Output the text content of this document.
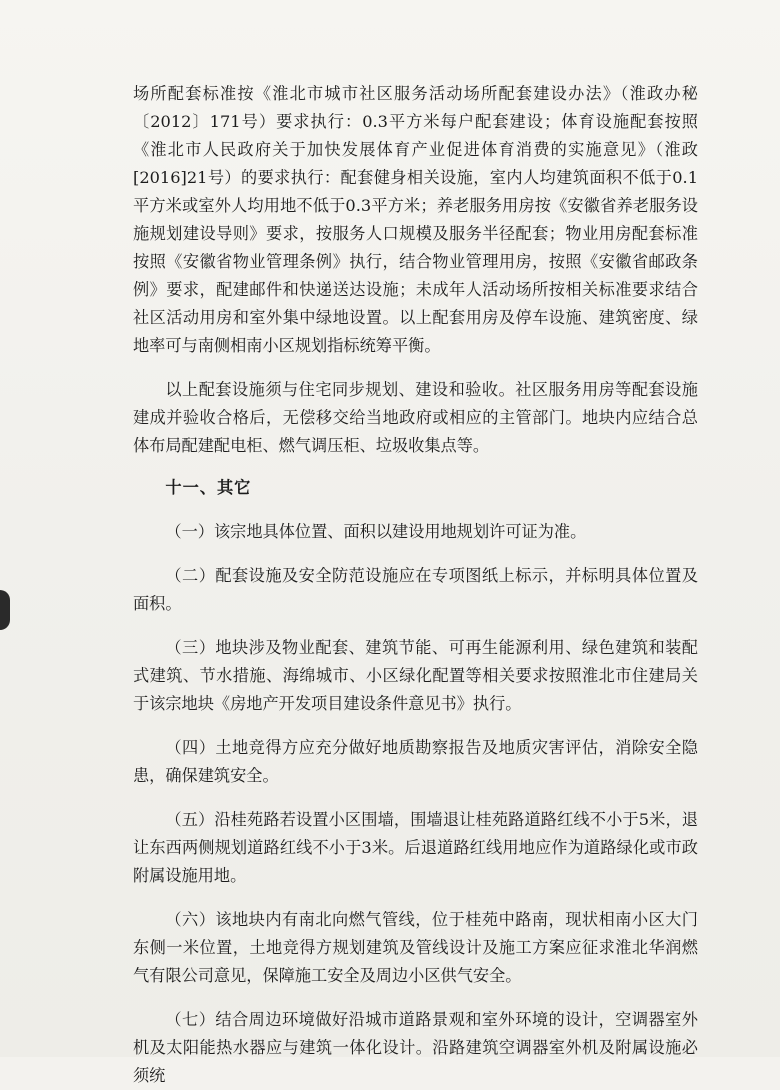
场所配套标准按《淮北市城市社区服务活动场所配套建设办法》（淮政办秘〔2012〕171号）要求执行：0.3平方米每户配套建设；体育设施配套按照《淮北市人民政府关于加快发展体育产业促进体育消费的实施意见》（淮政[2016]21号）的要求执行：配套健身相关设施，室内人均建筑面积不低于0.1平方米或室外人均用地不低于0.3平方米；养老服务用房按《安徽省养老服务设施规划建设导则》要求，按服务人口规模及服务半径配套；物业用房配套标准按照《安徽省物业管理条例》执行，结合物业管理用房，按照《安徽省邮政条例》要求，配建邮件和快递送达设施；未成年人活动场所按相关标准要求结合社区活动用房和室外集中绿地设置。以上配套用房及停车设施、建筑密度、绿地率可与南侧相南小区规划指标统筹平衡。

以上配套设施须与住宅同步规划、建设和验收。社区服务用房等配套设施建成并验收合格后，无偿移交给当地政府或相应的主管部门。地块内应结合总体布局配建配电柜、燃气调压柜、垃圾收集点等。

十一、其它

（一）该宗地具体位置、面积以建设用地规划许可证为准。

（二）配套设施及安全防范设施应在专项图纸上标示，并标明具体位置及面积。

（三）地块涉及物业配套、建筑节能、可再生能源利用、绿色建筑和装配式建筑、节水措施、海绵城市、小区绿化配置等相关要求按照淮北市住建局关于该宗地块《房地产开发项目建设条件意见书》执行。

（四）土地竞得方应充分做好地质勘察报告及地质灾害评估，消除安全隐患，确保建筑安全。

（五）沿桂苑路若设置小区围墙，围墙退让桂苑路道路红线不小于5米，退让东西两侧规划道路红线不小于3米。后退道路红线用地应作为道路绿化或市政附属设施用地。

（六）该地块内有南北向燃气管线，位于桂苑中路南，现状相南小区大门东侧一米位置，土地竞得方规划建筑及管线设计及施工方案应征求淮北华润燃气有限公司意见，保障施工安全及周边小区供气安全。

（七）结合周边环境做好沿城市道路景观和室外环境的设计，空调器室外机及太阳能热水器应与建筑一体化设计。沿路建筑空调器室外机及附属设施必须统
